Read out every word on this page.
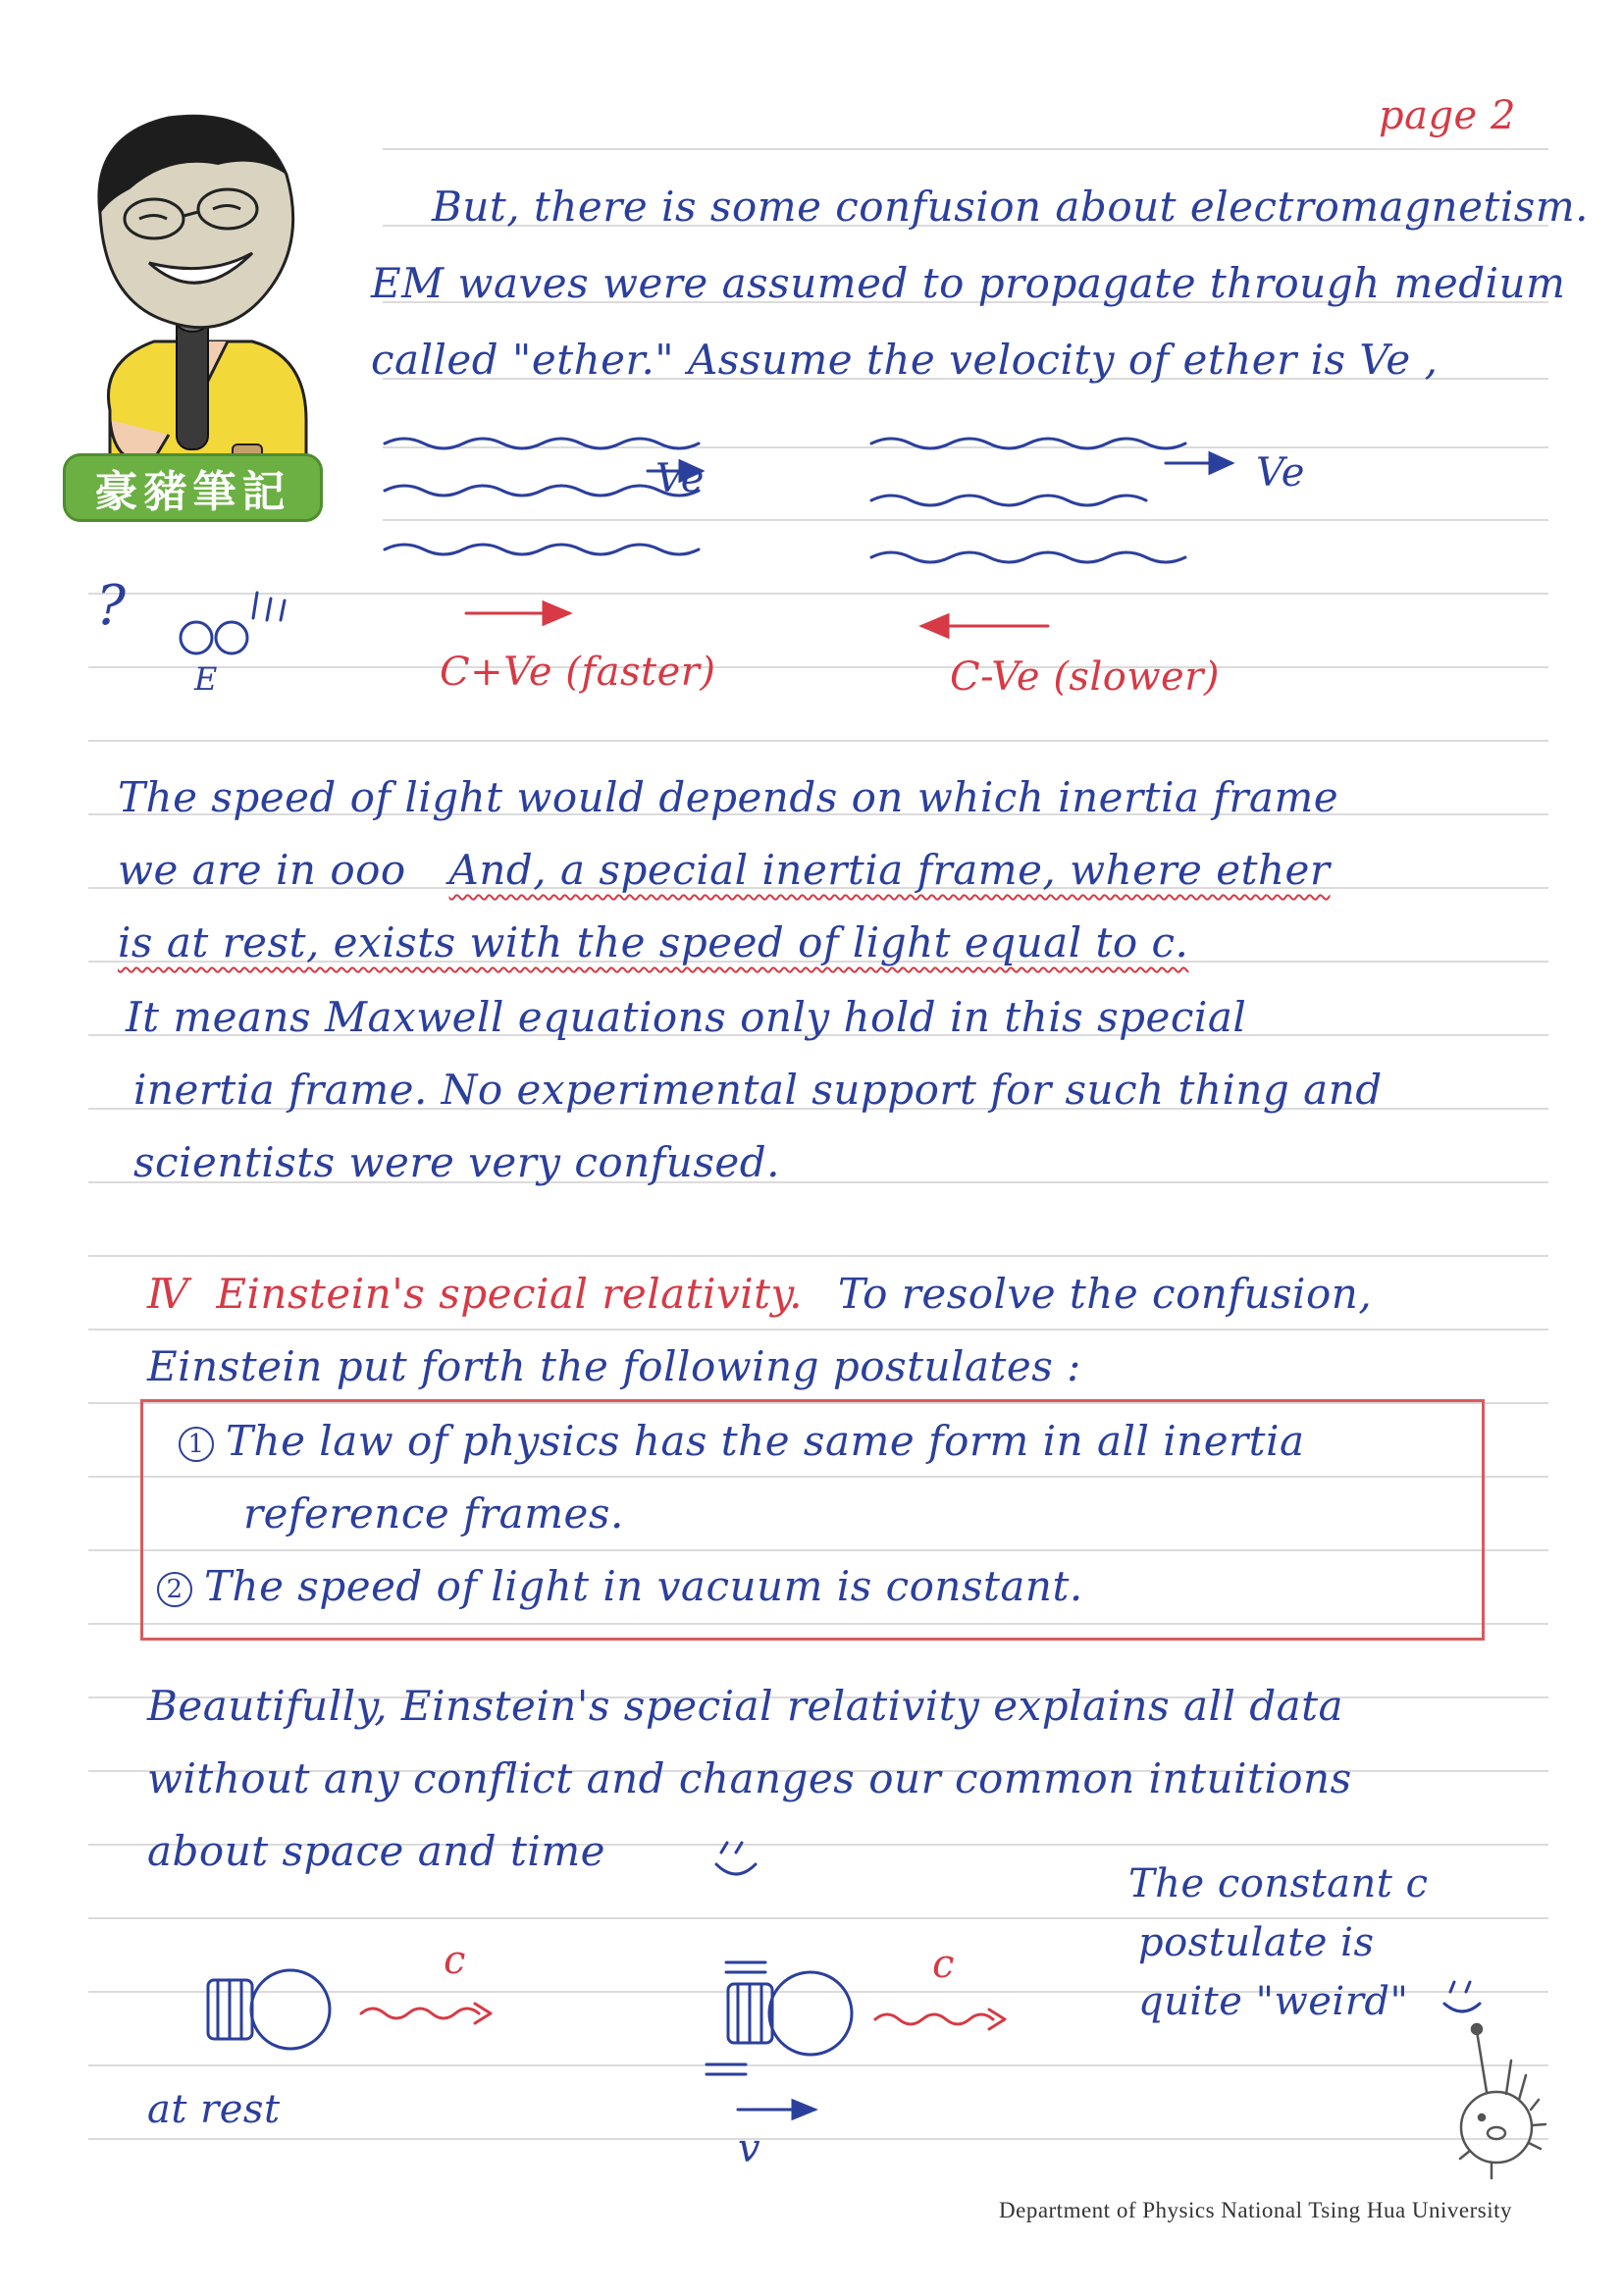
豪豬筆記
page 2
But, there is some confusion about electromagnetism.
EM waves were assumed to propagate through medium
called "ether." Assume the velocity of ether is Ve ,
Ve	Ve
?
E	C+Ve (faster)	C-Ve (slower)
The speed of light would depends on which inertia frame
we are in ooo And, a special inertia frame, where ether
is at rest, exists with the speed of light equal to c.
It means Maxwell equations only hold in this special
inertia frame. No experimental support for such thing and
scientists were very confused.
Ⅳ Einstein's special relativity. To resolve the confusion,
Einstein put forth the following postulates :
1 The law of physics has the same form in all inertia
reference frames.
2 The speed of light in vacuum is constant.
Beautifully, Einstein's special relativity explains all data
without any conflict and changes our common intuitions
about space and time
The constant c
postulate is
quite "weird"
c	c
at rest
v
Department of Physics National Tsing Hua University
